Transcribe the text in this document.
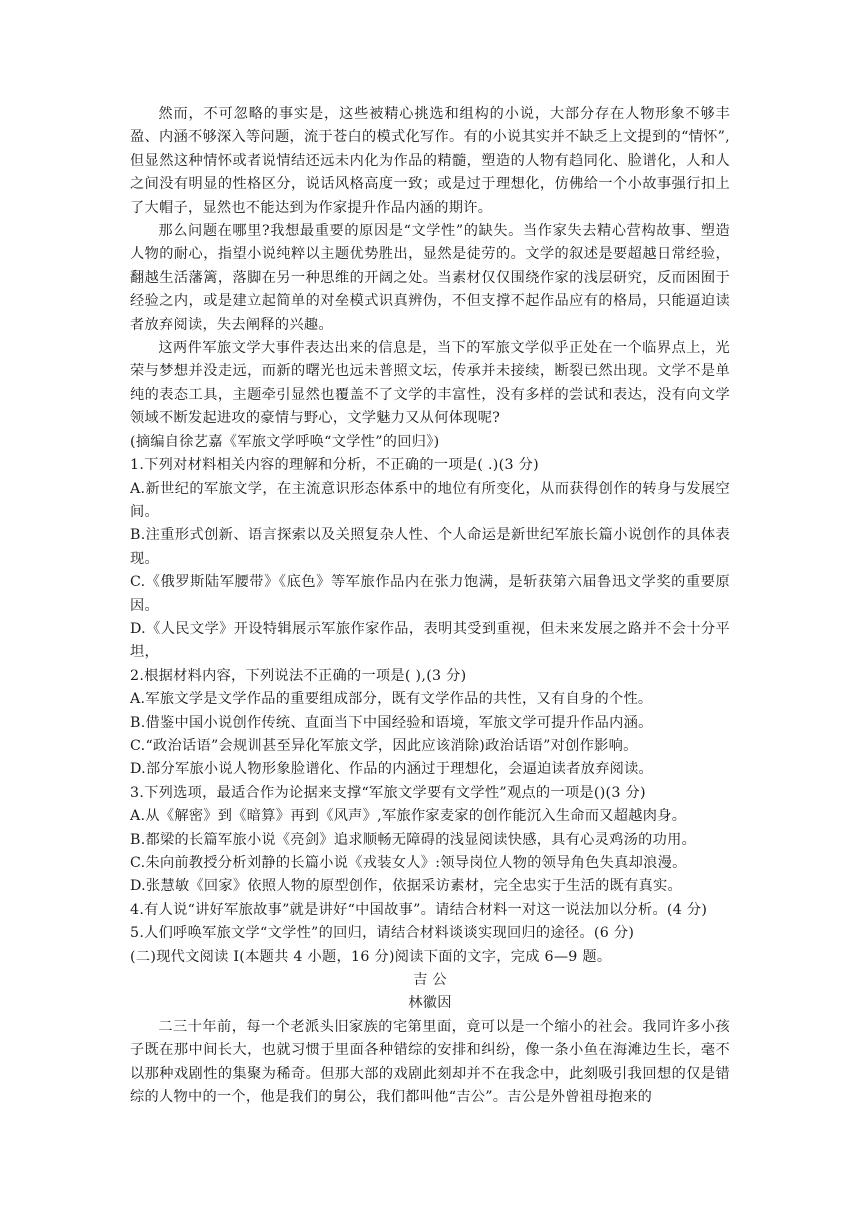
然而，不可忽略的事实是，这些被精心挑选和组构的小说，大部分存在人物形象不够丰盈、内涵不够深入等问题，流于苍白的模式化写作。有的小说其实并不缺乏上文提到的“情怀”,但显然这种情怀或者说情结还远未内化为作品的精髓，塑造的人物有趋同化、脸谱化，人和人之间没有明显的性格区分，说话风格高度一致；或是过于理想化，仿佛给一个小故事强行扣上了大帽子，显然也不能达到为作家提升作品内涵的期许。

那么问题在哪里?我想最重要的原因是“文学性”的缺失。当作家失去精心营构故事、塑造人物的耐心，指望小说纯粹以主题优势胜出，显然是徒劳的。文学的叙述是要超越日常经验，翻越生活藩篱，落脚在另一种思维的开阔之处。当素材仅仅围绕作家的浅层研究，反而困囿于经验之内，或是建立起简单的对垒模式识真辨伪，不但支撑不起作品应有的格局，只能逼迫读者放弃阅读，失去阐释的兴趣。

这两件军旅文学大事件表达出来的信息是，当下的军旅文学似乎正处在一个临界点上，光荣与梦想并没走远，而新的曙光也远未普照文坛，传承并未接续，断裂已然出现。文学不是单纯的表态工具，主题牵引显然也覆盖不了文学的丰富性，没有多样的尝试和表达，没有向文学领域不断发起进攻的豪情与野心，文学魅力又从何体现呢?

(摘编自徐艺嘉《军旅文学呼唤“文学性”的回归》)

1.下列对材料相关内容的理解和分析，不正确的一项是( .)(3 分)

A.新世纪的军旅文学，在主流意识形态体系中的地位有所变化，从而获得创作的转身与发展空间。

B.注重形式创新、语言探索以及关照复杂人性、个人命运是新世纪军旅长篇小说创作的具体表现。

C.《俄罗斯陆军腰带》《底色》等军旅作品内在张力饱满，是斩获第六届鲁迅文学奖的重要原因。

D.《人民文学》开设特辑展示军旅作家作品，表明其受到重视，但未来发展之路并不会十分平坦，

2.根据材料内容，下列说法不正确的一项是( ),(3 分)

A.军旅文学是文学作品的重要组成部分，既有文学作品的共性，又有自身的个性。

B.借鉴中国小说创作传统、直面当下中国经验和语境，军旅文学可提升作品内涵。

C.“政治话语”会规训甚至异化军旅文学，因此应该消除)政治话语”对创作影响。

D.部分军旅小说人物形象脸谱化、作品的内涵过于理想化，会逼迫读者放弃阅读。

3.下列选项，最适合作为论据来支撑“军旅文学要有文学性”观点的一项是()(3 分)

A.从《解密》到《暗算》再到《风声》,军旅作家麦家的创作能沉入生命而又超越肉身。

B.都梁的长篇军旅小说《亮剑》追求顺畅无障碍的浅显阅读快感，具有心灵鸡汤的功用。

C.朱向前教授分析刘静的长篇小说《戎装女人》:领导岗位人物的领导角色失真却浪漫。

D.张慧敏《回家》依照人物的原型创作，依据采访素材，完全忠实于生活的既有真实。

4.有人说“讲好军旅故事”就是讲好“中国故事”。请结合材料一对这一说法加以分析。(4 分)

5.人们呼唤军旅文学“文学性”的回归，请结合材料谈谈实现回归的途径。(6 分)

(二)现代文阅读 I(本题共 4 小题，16 分)阅读下面的文字，完成 6—9 题。

吉 公

林徽因

二三十年前，每一个老派头旧家族的宅第里面，竟可以是一个缩小的社会。我同许多小孩子既在那中间长大，也就习惯于里面各种错综的安排和纠纷，像一条小鱼在海滩边生长，毫不以那种戏剧性的集聚为稀奇。但那大部的戏剧此刻却并不在我念中，此刻吸引我回想的仅是错综的人物中的一个，他是我们的舅公，我们都叫他“吉公”。吉公是外曾祖母抱来的
